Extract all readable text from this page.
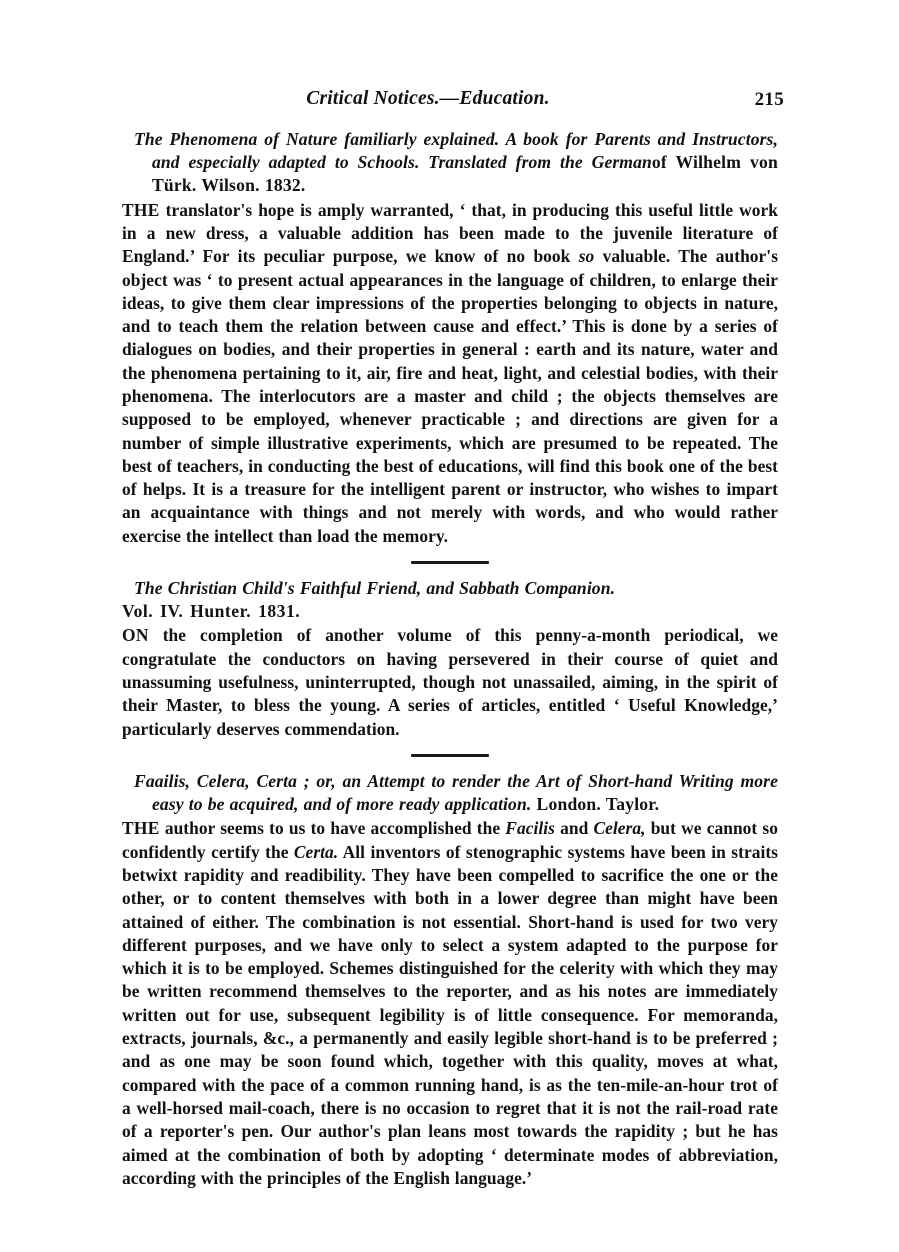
Critical Notices.—Education.	215
The Phenomena of Nature familiarly explained. A book for Parents and Instructors, and especially adapted to Schools. Translated from the Germanof Wilhelm von Türk. Wilson. 1832.
THE translator's hope is amply warranted, ‘ that, in producing this useful little work in a new dress, a valuable addition has been made to the juvenile literature of England.’ For its peculiar purpose, we know of no book so valuable. The author's object was ‘ to present actual appearances in the language of children, to enlarge their ideas, to give them clear impressions of the properties belonging to objects in nature, and to teach them the relation between cause and effect.’ This is done by a series of dialogues on bodies, and their properties in general : earth and its nature, water and the phenomena pertaining to it, air, fire and heat, light, and celestial bodies, with their phenomena. The interlocutors are a master and child ; the objects themselves are supposed to be employed, whenever practicable ; and directions are given for a number of simple illustrative experiments, which are presumed to be repeated. The best of teachers, in conducting the best of educations, will find this book one of the best of helps. It is a treasure for the intelligent parent or instructor, who wishes to impart an acquaintance with things and not merely with words, and who would rather exercise the intellect than load the memory.
The Christian Child's Faithful Friend, and Sabbath Companion.
Vol. IV. Hunter. 1831.
ON the completion of another volume of this penny-a-month periodical, we congratulate the conductors on having persevered in their course of quiet and unassuming usefulness, uninterrupted, though not unassailed, aiming, in the spirit of their Master, to bless the young. A series of articles, entitled ‘ Useful Knowledge,’ particularly deserves commendation.
Faailis, Celera, Certa ; or, an Attempt to render the Art of Short-hand Writing more easy to be acquired, and of more ready application. London. Taylor.
THE author seems to us to have accomplished the Facilis and Celera, but we cannot so confidently certify the Certa. All inventors of stenographic systems have been in straits betwixt rapidity and readibility. They have been compelled to sacrifice the one or the other, or to content themselves with both in a lower degree than might have been attained of either. The combination is not essential. Short-hand is used for two very different purposes, and we have only to select a system adapted to the purpose for which it is to be employed. Schemes distinguished for the celerity with which they may be written recommend themselves to the reporter, and as his notes are immediately written out for use, subsequent legibility is of little consequence. For memoranda, extracts, journals, &c., a permanently and easily legible short-hand is to be preferred ; and as one may be soon found which, together with this quality, moves at what, compared with the pace of a common running hand, is as the ten-mile-an-hour trot of a well-horsed mail-coach, there is no occasion to regret that it is not the rail-road rate of a reporter's pen. Our author's plan leans most towards the rapidity ; but he has aimed at the combination of both by adopting ‘ determinate modes of abbreviation, according with the principles of the English language.’
